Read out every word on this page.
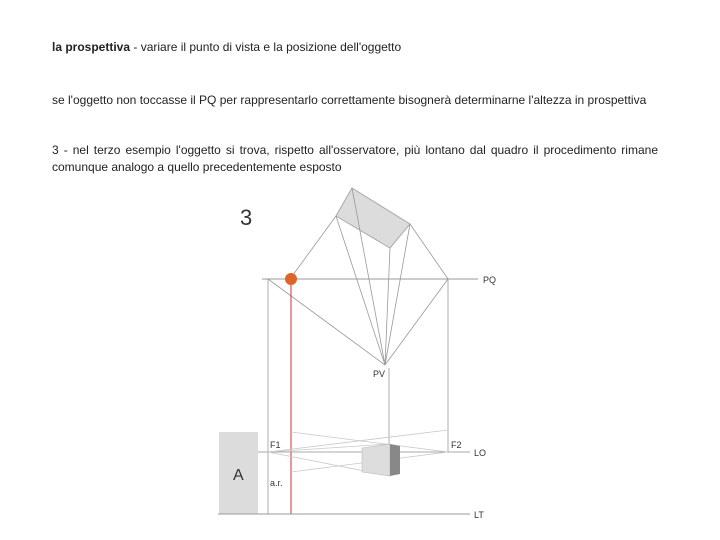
la prospettiva - variare il punto di vista e la posizione dell'oggetto
se l'oggetto non toccasse il PQ per rappresentarlo correttamente bisognerà determinarne l'altezza in prospettiva
3 - nel terzo esempio l'oggetto si trova, rispetto all'osservatore, più lontano dal quadro il procedimento rimane comunque analogo a quello precedentemente esposto
3
PQ
PV
F1	F2
LO
LT
A	a.r.
